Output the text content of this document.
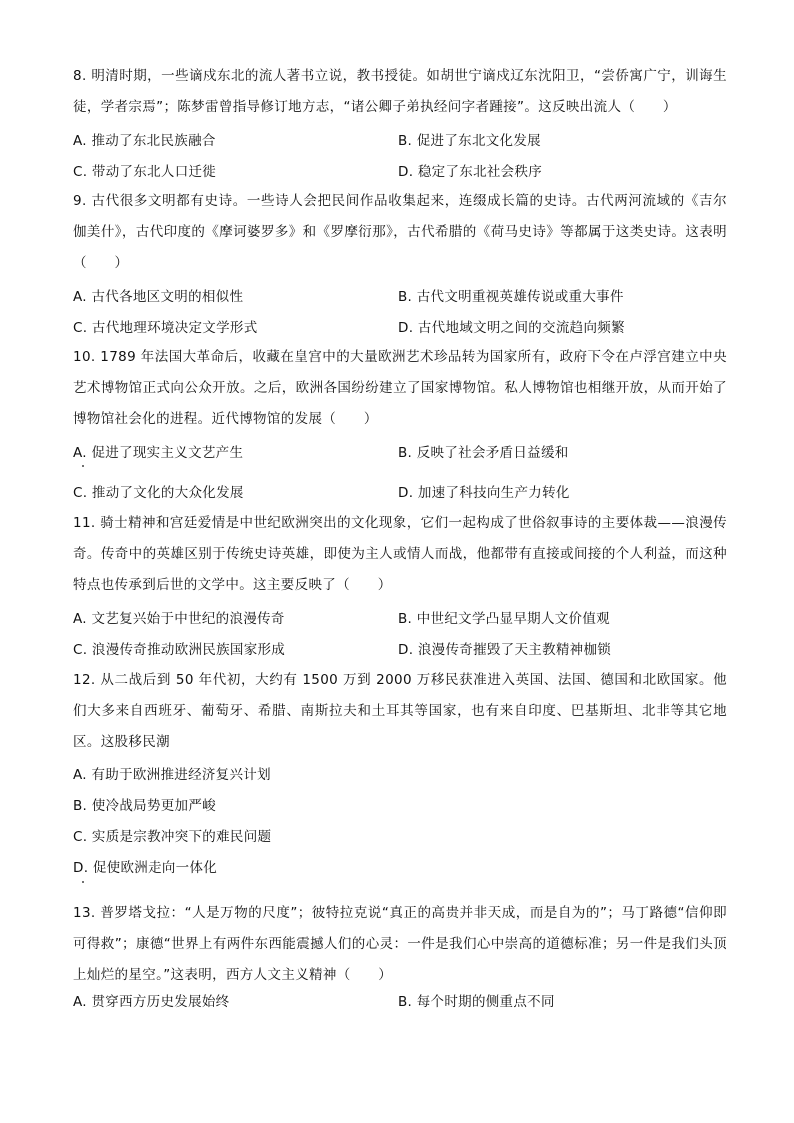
8. 明清时期，一些谪戍东北的流人著书立说，教书授徒。如胡世宁谪戍辽东沈阳卫，“尝侨寓广宁，训诲生徒，学者宗焉”；陈梦雷曾指导修订地方志，“诸公卿子弟执经问字者踵接”。这反映出流人（　　）

A. 推动了东北民族融合	B. 促进了东北文化发展
C. 带动了东北人口迁徙	D. 稳定了东北社会秩序

9. 古代很多文明都有史诗。一些诗人会把民间作品收集起来，连缀成长篇的史诗。古代两河流域的《吉尔伽美什》，古代印度的《摩诃婆罗多》和《罗摩衍那》，古代希腊的《荷马史诗》等都属于这类史诗。这表明（　　）

A. 古代各地区文明的相似性	B. 古代文明重视英雄传说或重大事件
C. 古代地理环境决定文学形式	D. 古代地域文明之间的交流趋向频繁

10. 1789 年法国大革命后，收藏在皇宫中的大量欧洲艺术珍品转为国家所有，政府下令在卢浮宫建立中央艺术博物馆正式向公众开放。之后，欧洲各国纷纷建立了国家博物馆。私人博物馆也相继开放，从而开始了博物馆社会化的进程。近代博物馆的发展（　　）

A. 促进了现实主义文艺产生	B. 反映了社会矛盾日益缓和
C. 推动了文化的大众化发展	D. 加速了科技向生产力转化

11. 骑士精神和宫廷爱情是中世纪欧洲突出的文化现象，它们一起构成了世俗叙事诗的主要体裁——浪漫传奇。传奇中的英雄区别于传统史诗英雄，即使为主人或情人而战，他都带有直接或间接的个人利益，而这种特点也传承到后世的文学中。这主要反映了（　　）

A. 文艺复兴始于中世纪的浪漫传奇	B. 中世纪文学凸显早期人文价值观
C. 浪漫传奇推动欧洲民族国家形成	D. 浪漫传奇摧毁了天主教精神枷锁

12. 从二战后到 50 年代初，大约有 1500 万到 2000 万移民获准进入英国、法国、德国和北欧国家。他们大多来自西班牙、葡萄牙、希腊、南斯拉夫和土耳其等国家，也有来自印度、巴基斯坦、北非等其它地区。这股移民潮

A. 有助于欧洲推进经济复兴计划
B. 使冷战局势更加严峻
C. 实质是宗教冲突下的难民问题
D. 促使欧洲走向一体化

13. 普罗塔戈拉：“人是万物的尺度”；彼特拉克说“真正的高贵并非天成，而是自为的”；马丁路德“信仰即可得救”；康德“世界上有两件东西能震撼人们的心灵：一件是我们心中崇高的道德标准；另一件是我们头顶上灿烂的星空。”这表明，西方人文主义精神（　　）

A. 贯穿西方历史发展始终	B. 每个时期的侧重点不同
